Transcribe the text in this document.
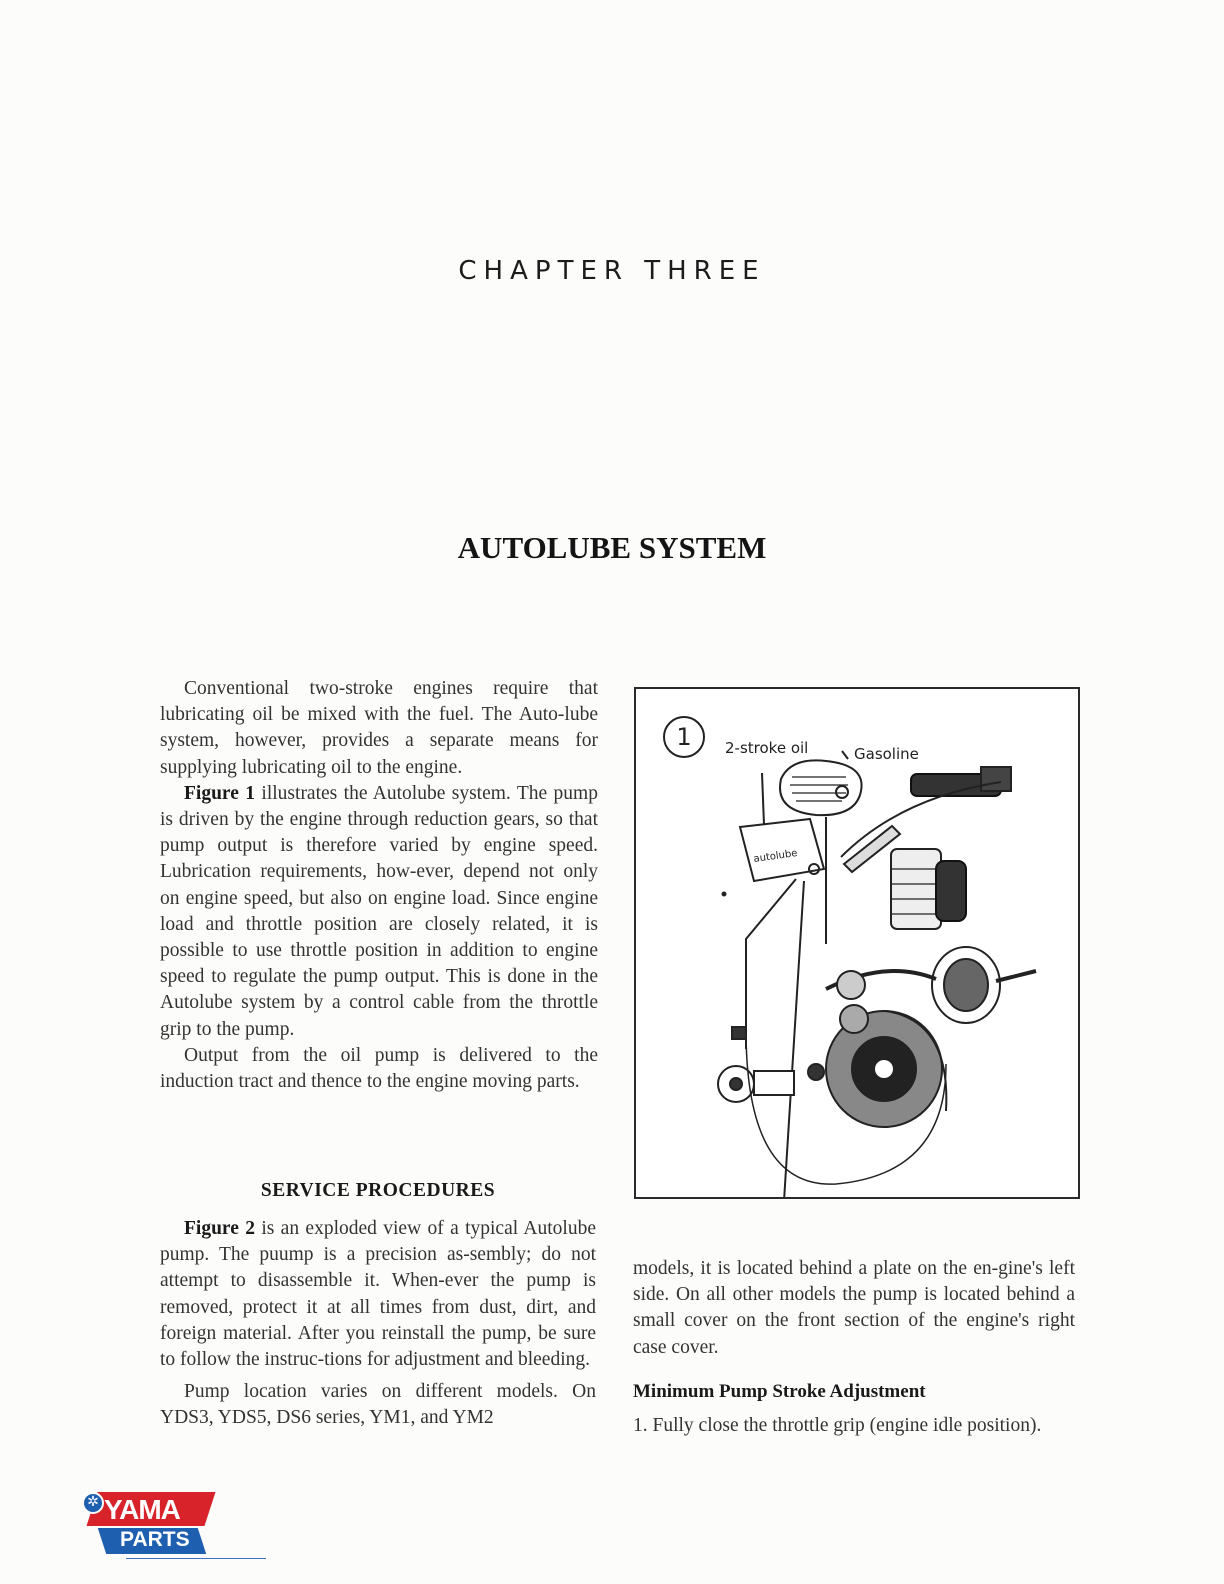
CHAPTER THREE
AUTOLUBE SYSTEM

Conventional two-stroke engines require that lubricating oil be mixed with the fuel. The Auto-lube system, however, provides a separate means for supplying lubricating oil to the engine.

Figure 1 illustrates the Autolube system. The pump is driven by the engine through reduction gears, so that pump output is therefore varied by engine speed. Lubrication requirements, how-ever, depend not only on engine speed, but also on engine load. Since engine load and throttle position are closely related, it is possible to use throttle position in addition to engine speed to regulate the pump output. This is done in the Autolube system by a control cable from the throttle grip to the pump.

Output from the oil pump is delivered to the induction tract and thence to the engine moving parts.

SERVICE PROCEDURES

Figure 2 is an exploded view of a typical Autolube pump. The puump is a precision as-sembly; do not attempt to disassemble it. When-ever the pump is removed, protect it at all times from dust, dirt, and foreign material. After you reinstall the pump, be sure to follow the instruc-tions for adjustment and bleeding.

Pump location varies on different models. On YDS3, YDS5, DS6 series, YM1, and YM2

models, it is located behind a plate on the en-gine's left side. On all other models the pump is located behind a small cover on the front section of the engine's right case cover.

Minimum Pump Stroke Adjustment
1. Fully close the throttle grip (engine idle position).
1	2-stroke oil	Gasoline
autolube
YAMA
PARTS
✲
